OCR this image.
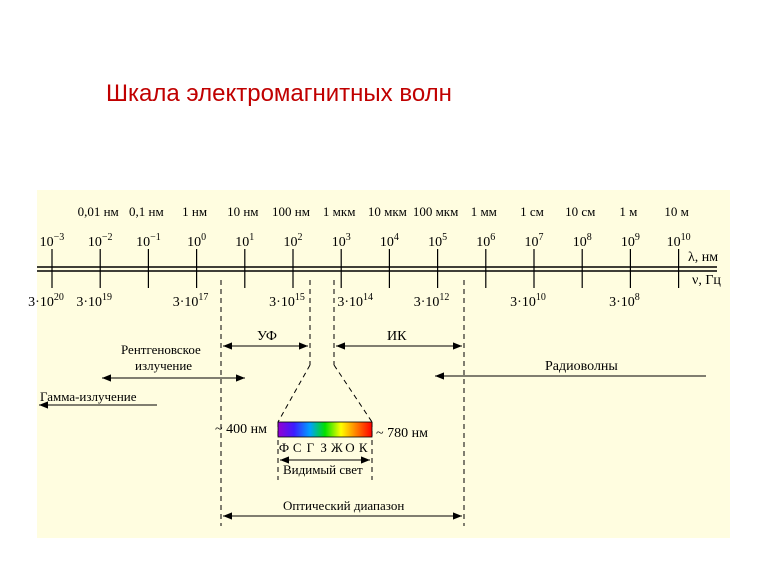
Шкала электромагнитных волн
0,01 нм 0,1 нм 1 нм 10 нм 100 нм 1 мкм 10 мкм 100 мкм 1 мм 1 см 10 см 1 м 10 м
$10^{-3}$ $10^{-2}$ $10^{-1}$ $10^0$ $10^1$ $10^2$ $10^3$ $10^4$ $10^5$ $10^6$ $10^7$ $10^8$ $10^9$ $10^{10}$
λ, нм
ν, Гц
$3\cdot 10^{20}$ $3\cdot 10^{19}$	$3\cdot 10^{17}$	$3\cdot 10^{15}$ $3\cdot 10^{14}$	$3\cdot 10^{12}$	$3\cdot 10^{10}$	$3\cdot 10^8$
УФ	ИК
Рентгеновское
излучение
Гамма-излучение
Радиоволны
~ 400 нм	~ 780 нм
Ф С Г З Ж О К
Видимый свет
Оптический диапазон
